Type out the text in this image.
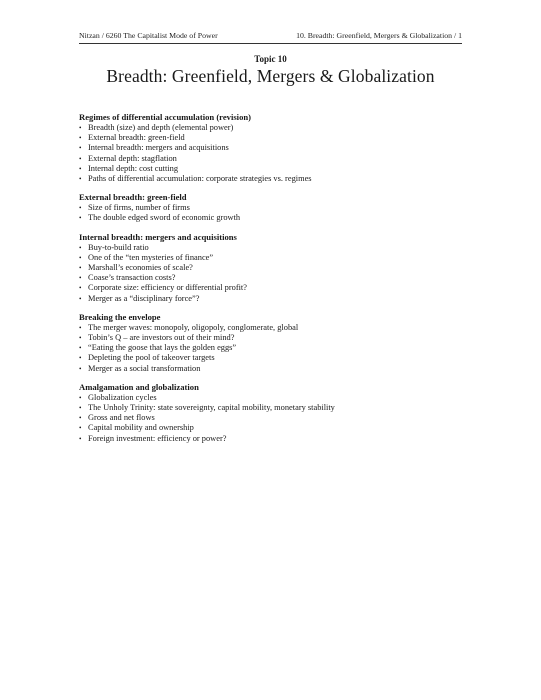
Nitzan / 6260 The Capitalist Mode of Power	10. Breadth: Greenfield, Mergers & Globalization / 1
Topic 10
Breadth: Greenfield, Mergers & Globalization
Regimes of differential accumulation (revision)
• Breadth (size) and depth (elemental power)
• External breadth: green-field
• Internal breadth: mergers and acquisitions
• External depth: stagflation
• Internal depth: cost cutting
• Paths of differential accumulation: corporate strategies vs. regimes
External breadth: green-field
• Size of firms, number of firms
• The double edged sword of economic growth
Internal breadth: mergers and acquisitions
• Buy-to-build ratio
• One of the “ten mysteries of finance”
• Marshall’s economies of scale?
• Coase’s transaction costs?
• Corporate size: efficiency or differential profit?
• Merger as a “disciplinary force”?
Breaking the envelope
• The merger waves: monopoly, oligopoly, conglomerate, global
• Tobin’s Q – are investors out of their mind?
• “Eating the goose that lays the golden eggs”
• Depleting the pool of takeover targets
• Merger as a social transformation
Amalgamation and globalization
• Globalization cycles
• The Unholy Trinity: state sovereignty, capital mobility, monetary stability
• Gross and net flows
• Capital mobility and ownership
• Foreign investment: efficiency or power?
